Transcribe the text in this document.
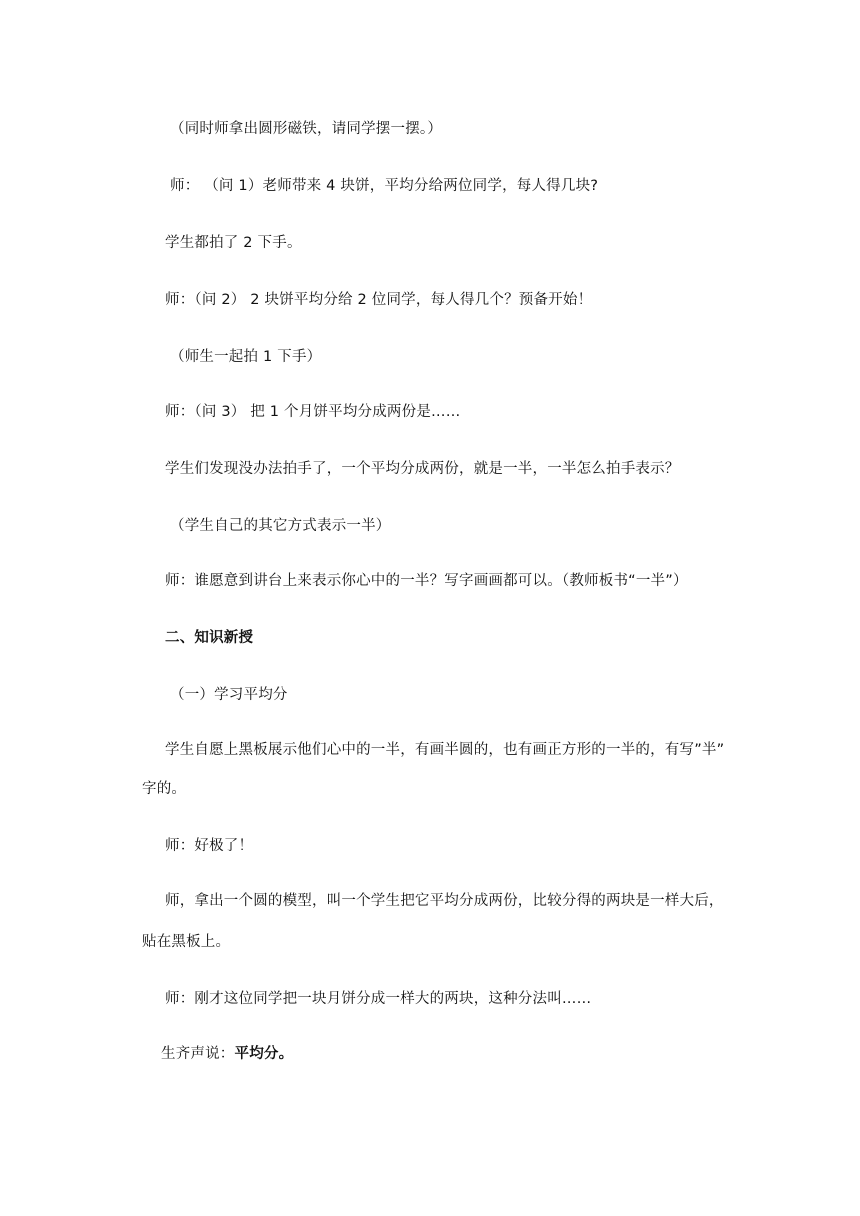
（同时师拿出圆形磁铁，请同学摆一摆。）
师： （问 1）老师带来 4 块饼，平均分给两位同学，每人得几块?
学生都拍了 2 下手。
师：（问 2） 2 块饼平均分给 2 位同学，每人得几个？预备开始！
（师生一起拍 1 下手）
师：（问 3） 把 1 个月饼平均分成两份是……
学生们发现没办法拍手了，一个平均分成两份，就是一半，一半怎么拍手表示？
（学生自己的其它方式表示一半）
师：谁愿意到讲台上来表示你心中的一半？写字画画都可以。（教师板书“一半”）
二、知识新授
（一）学习平均分
学生自愿上黑板展示他们心中的一半，有画半圆的，也有画正方形的一半的，有写”半”
字的。
师：好极了！
师，拿出一个圆的模型，叫一个学生把它平均分成两份，比较分得的两块是一样大后，
贴在黑板上。
师：刚才这位同学把一块月饼分成一样大的两块，这种分法叫……
生齐声说：平均分。
